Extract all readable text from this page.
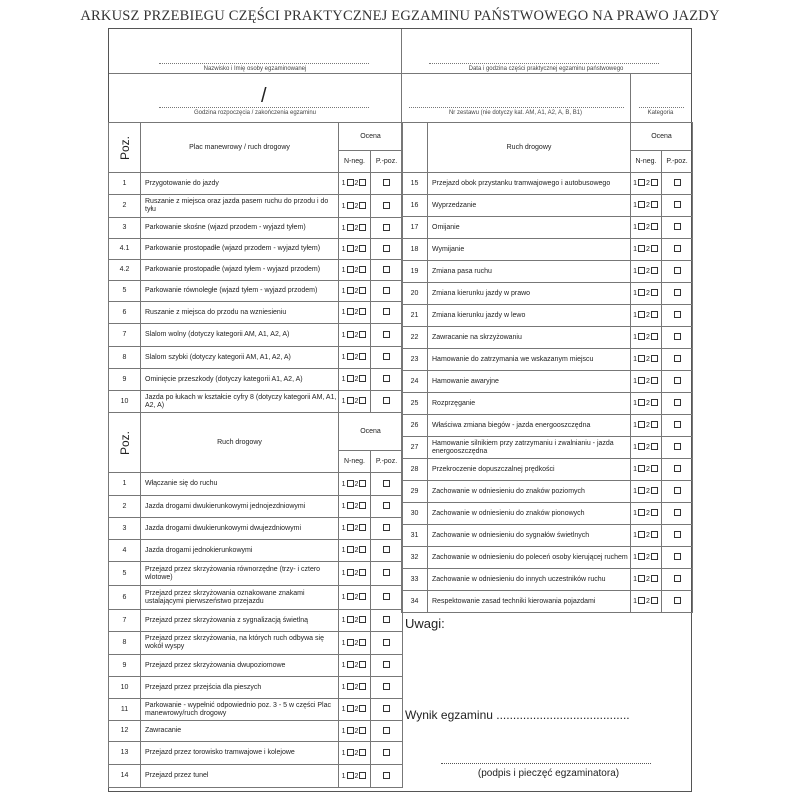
ARKUSZ PRZEBIEGU CZĘŚCI PRAKTYCZNEJ EGZAMINU PAŃSTWOWEGO NA PRAWO JAZDY
Nazwisko i Imię osoby egzaminowanej	Data i godzina części praktycznej egzaminu państwowego
/
Godzina rozpoczęcia / zakończenia egzaminu	Nr zestawu (nie dotyczy kat. AM, A1, A2, A, B, B1)	Kategoria
Poz.	Plac manewrowy / ruch drogowy	Ocena	
		N-neg.	P.-poz.
1	Przygotowanie do jazdy	1 2	
2	Ruszanie z miejsca oraz jazda pasem ruchu do przodu i do tyłu	1 2	
3	Parkowanie skośne (wjazd przodem - wyjazd tyłem)	1 2	
4.1	Parkowanie prostopadłe (wjazd przodem - wyjazd tyłem)	1 2	
4.2	Parkowanie prostopadłe (wjazd tyłem - wyjazd przodem)	1 2	
5	Parkowanie równoległe (wjazd tyłem - wyjazd przodem)	1 2	
6	Ruszanie z miejsca do przodu na wzniesieniu	1 2	
7	Slalom wolny (dotyczy kategorii AM, A1, A2, A)	1 2	
8	Slalom szybki (dotyczy kategorii AM, A1, A2, A)	1 2	
9	Ominięcie przeszkody (dotyczy kategorii A1, A2, A)	1 2	
10	Jazda po łukach w kształcie cyfry 8 (dotyczy kategorii AM, A1, A2, A)	1 2	

Poz.	Ruch drogowy	Ocena	
		N-neg.	P.-poz.
1	Włączanie się do ruchu	1 2	
2	Jazda drogami dwukierunkowymi jednojezdniowymi	1 2	
3	Jazda drogami dwukierunkowymi dwujezdniowymi	1 2	
4	Jazda drogami jednokierunkowymi	1 2	
5	Przejazd przez skrzyżowania równorzędne (trzy- i cztero wlotowe)	1 2	
6	Przejazd przez skrzyżowania oznakowane znakami ustalającymi pierwszeństwo przejazdu	1 2	
7	Przejazd przez skrzyżowania z sygnalizacją świetlną	1 2	
8	Przejazd przez skrzyżowania, na których ruch odbywa się wokół wyspy	1 2	
9	Przejazd przez skrzyżowania dwupoziomowe	1 2	
10	Przejazd przez przejścia dla pieszych	1 2	
11	Parkowanie - wypełnić odpowiednio poz. 3 - 5 w części Plac manewrowy/ruch drogowy	1 2	
12	Zawracanie	1 2	
13	Przejazd przez torowisko tramwajowe i kolejowe	1 2	
14	Przejazd przez tunel	1 2	
	Ruch drogowy	Ocena	
		N-neg.	P.-poz.
15	Przejazd obok przystanku tramwajowego i autobusowego	1 2	
16	Wyprzedzanie	1 2	
17	Omijanie	1 2	
18	Wymijanie	1 2	
19	Zmiana pasa ruchu	1 2	
20	Zmiana kierunku jazdy w prawo	1 2	
21	Zmiana kierunku jazdy w lewo	1 2	
22	Zawracanie na skrzyżowaniu	1 2	
23	Hamowanie do zatrzymania we wskazanym miejscu	1 2	
24	Hamowanie awaryjne	1 2	
25	Rozprzęganie	1 2	
26	Właściwa zmiana biegów - jazda energooszczędna	1 2	
27	Hamowanie silnikiem przy zatrzymaniu i zwalnianiu - jazda energooszczędna	1 2	
28	Przekroczenie dopuszczalnej prędkości	1 2	
29	Zachowanie w odniesieniu do znaków poziomych	1 2	
30	Zachowanie w odniesieniu do znaków pionowych	1 2	
31	Zachowanie w odniesieniu do sygnałów świetlnych	1 2	
32	Zachowanie w odniesieniu do poleceń osoby kierującej ruchem	1 2	
33	Zachowanie w odniesieniu do innych uczestników ruchu	1 2	
34	Respektowanie zasad techniki kierowania pojazdami	1 2	
Uwagi:
Wynik egzaminu ........................................
(podpis i pieczęć egzaminatora)
